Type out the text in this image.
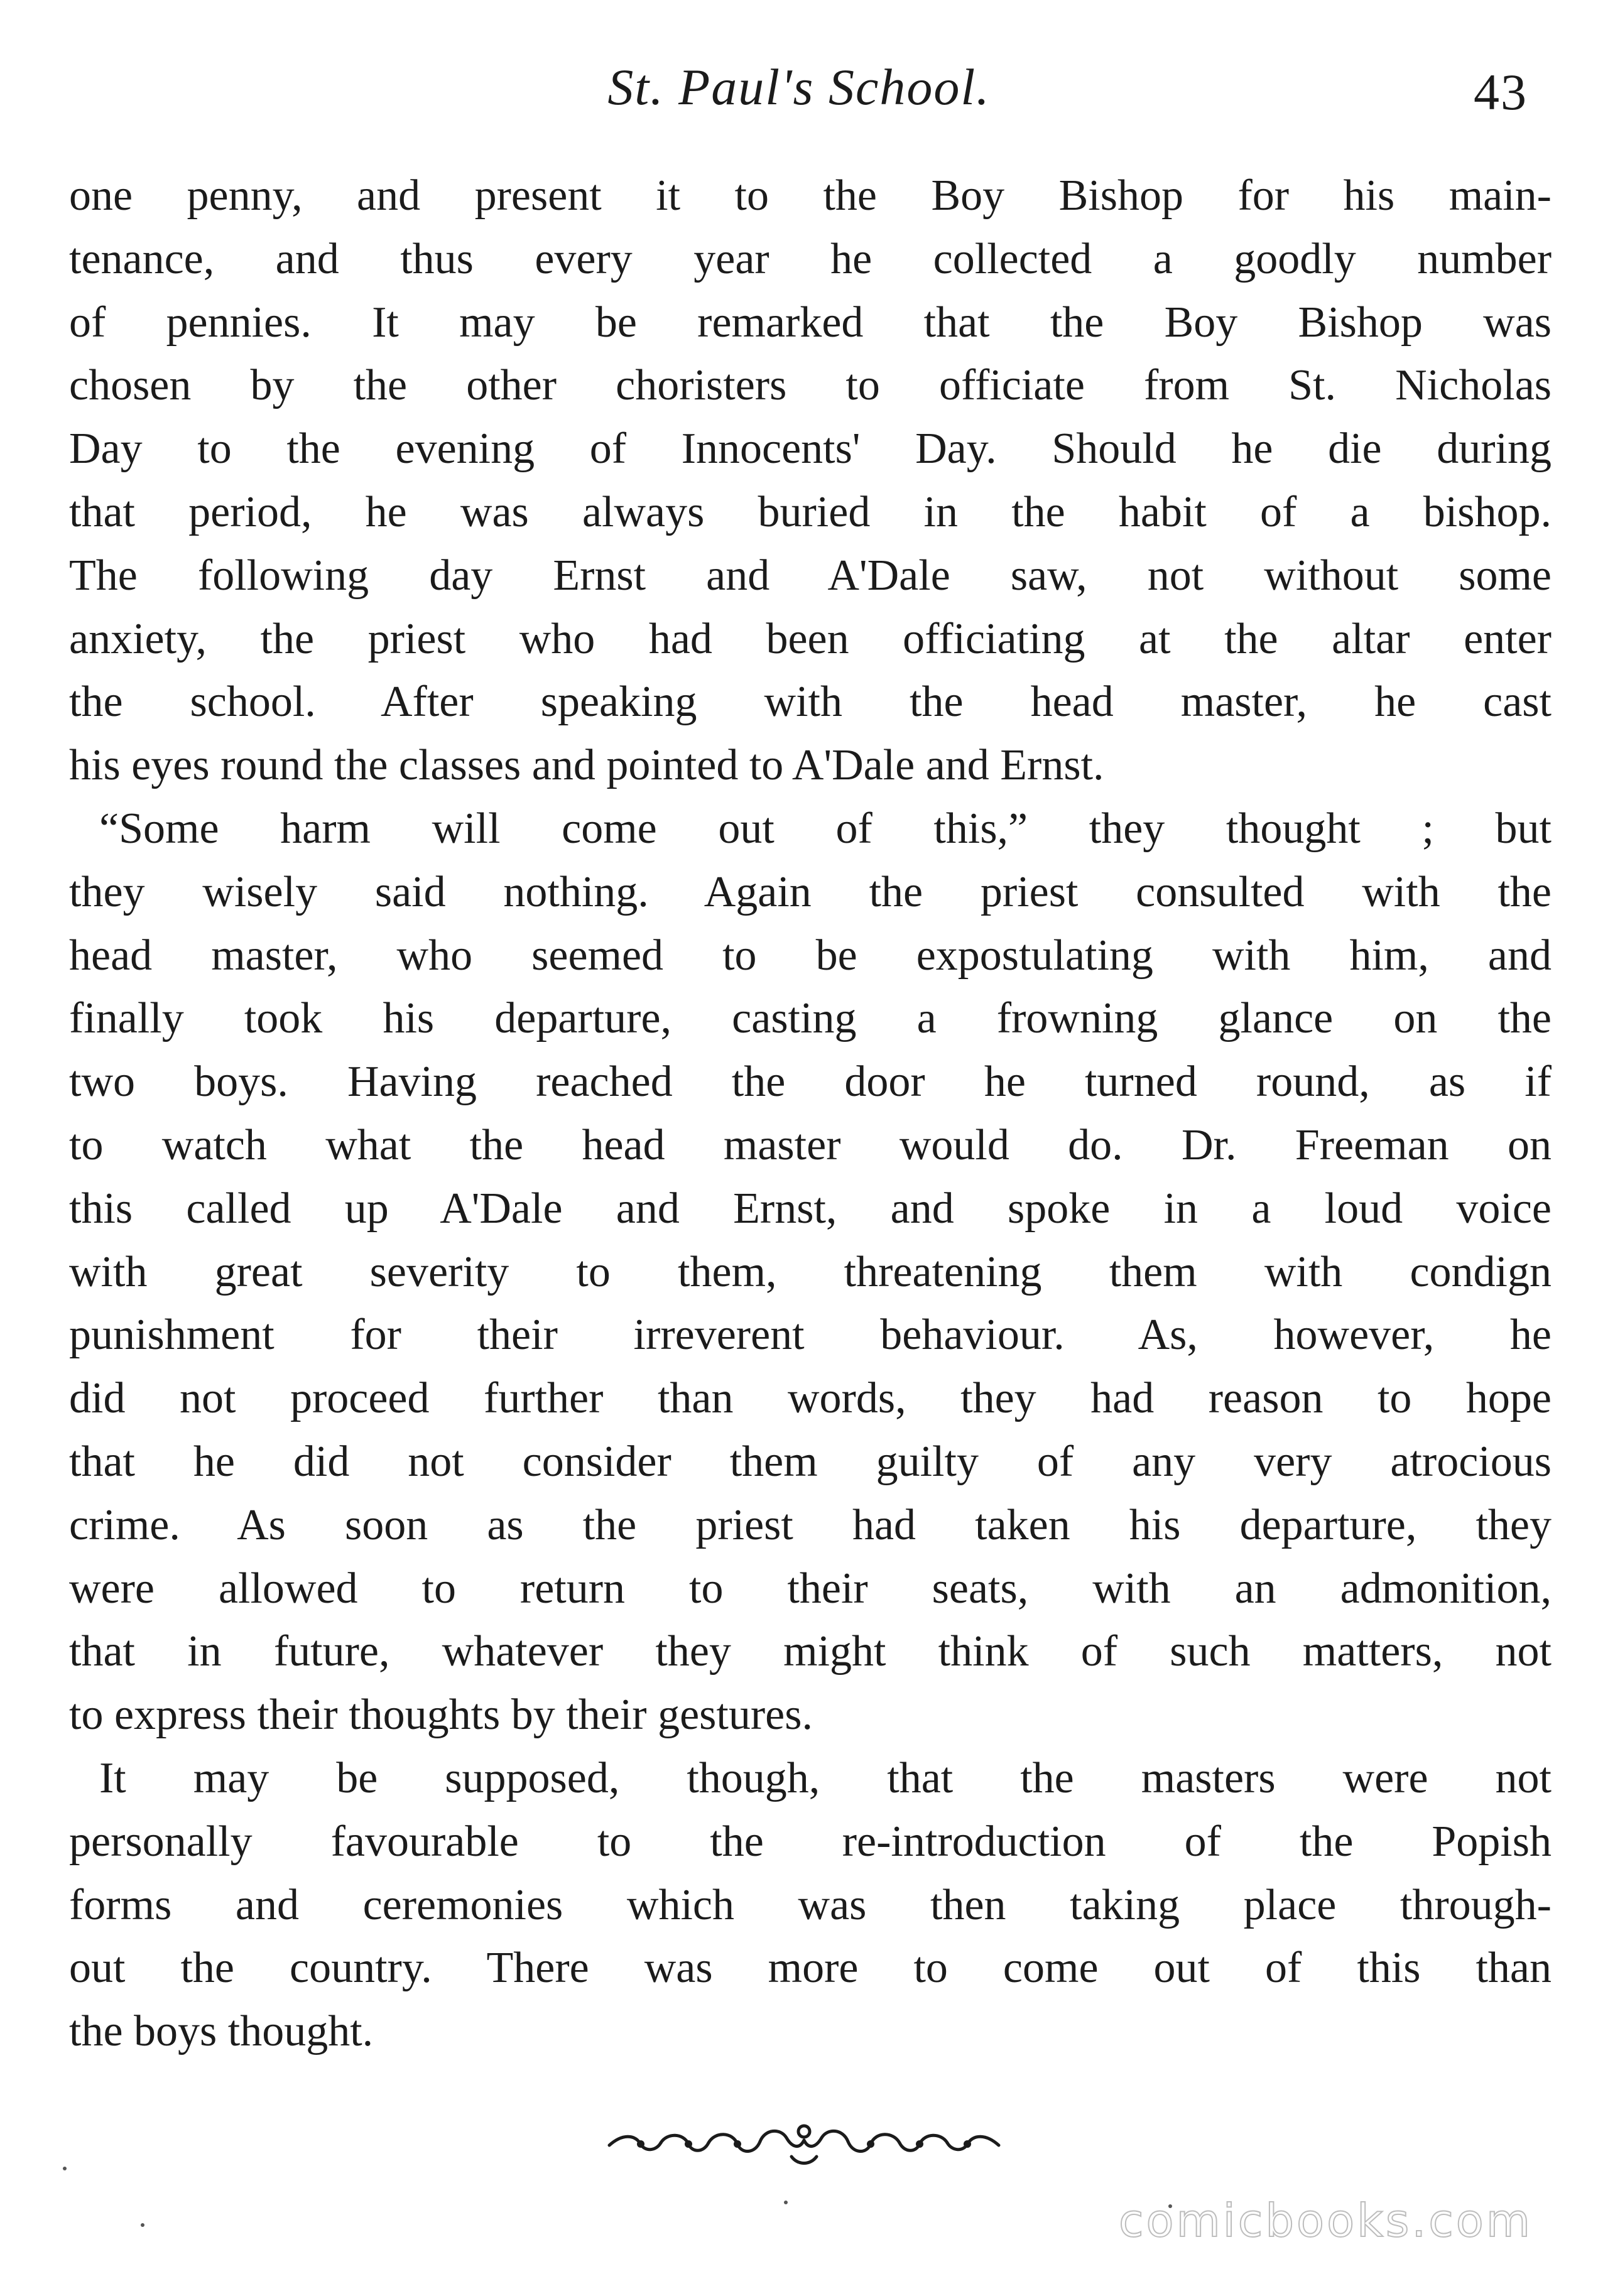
St. Paul's School.	43
one penny, and present it to the Boy Bishop for his main-
tenance, and thus every year he collected a goodly number
of pennies. It may be remarked that the Boy Bishop was
chosen by the other choristers to officiate from St. Nicholas
Day to the evening of Innocents' Day. Should he die during
that period, he was always buried in the habit of a bishop.
The following day Ernst and A'Dale saw, not without some
anxiety, the priest who had been officiating at the altar enter
the school. After speaking with the head master, he cast
his eyes round the classes and pointed to A'Dale and Ernst.
“Some harm will come out of this,” they thought ; but
they wisely said nothing. Again the priest consulted with the
head master, who seemed to be expostulating with him, and
finally took his departure, casting a frowning glance on the
two boys. Having reached the door he turned round, as if
to watch what the head master would do. Dr. Freeman on
this called up A'Dale and Ernst, and spoke in a loud voice
with great severity to them, threatening them with condign
punishment for their irreverent behaviour. As, however, he
did not proceed further than words, they had reason to hope
that he did not consider them guilty of any very atrocious
crime. As soon as the priest had taken his departure, they
were allowed to return to their seats, with an admonition,
that in future, whatever they might think of such matters, not
to express their thoughts by their gestures.
It may be supposed, though, that the masters were not
personally favourable to the re-introduction of the Popish
forms and ceremonies which was then taking place through-
out the country. There was more to come out of this than
the boys thought.
comicbooks.com
